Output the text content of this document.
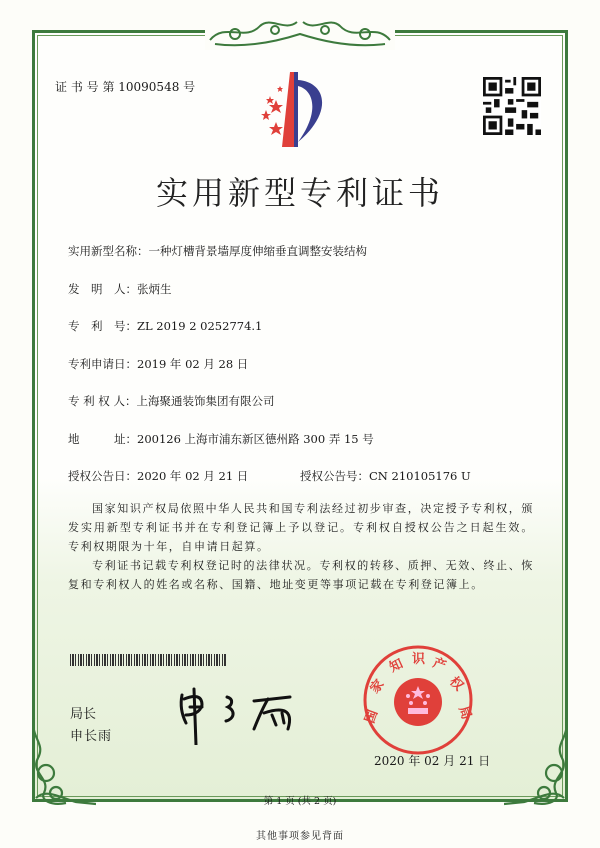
证 书 号 第 10090548 号
实用新型专利证书
实用新型名称：一种灯槽背景墙厚度伸缩垂直调整安装结构
发　明　人：张炳生
专　利　号：ZL 2019 2 0252774.1
专利申请日：2019 年 02 月 28 日
专 利 权 人：上海聚通装饰集团有限公司
地　　　址：200126 上海市浦东新区德州路 300 弄 15 号
授权公告日：2020 年 02 月 21 日	授权公告号：CN 210105176 U
国家知识产权局依照中华人民共和国专利法经过初步审查，决定授予专利权，颁发实用新型专利证书并在专利登记簿上予以登记。专利权自授权公告之日起生效。专利权期限为十年，自申请日起算。
专利证书记载专利权登记时的法律状况。专利权的转移、质押、无效、终止、恢复和专利权人的姓名或名称、国籍、地址变更等事项记载在专利登记簿上。
局长
申长雨
国
家
知 识 产
权
局
2020 年 02 月 21 日
第 1 页 (共 2 页)
其他事项参见背面
